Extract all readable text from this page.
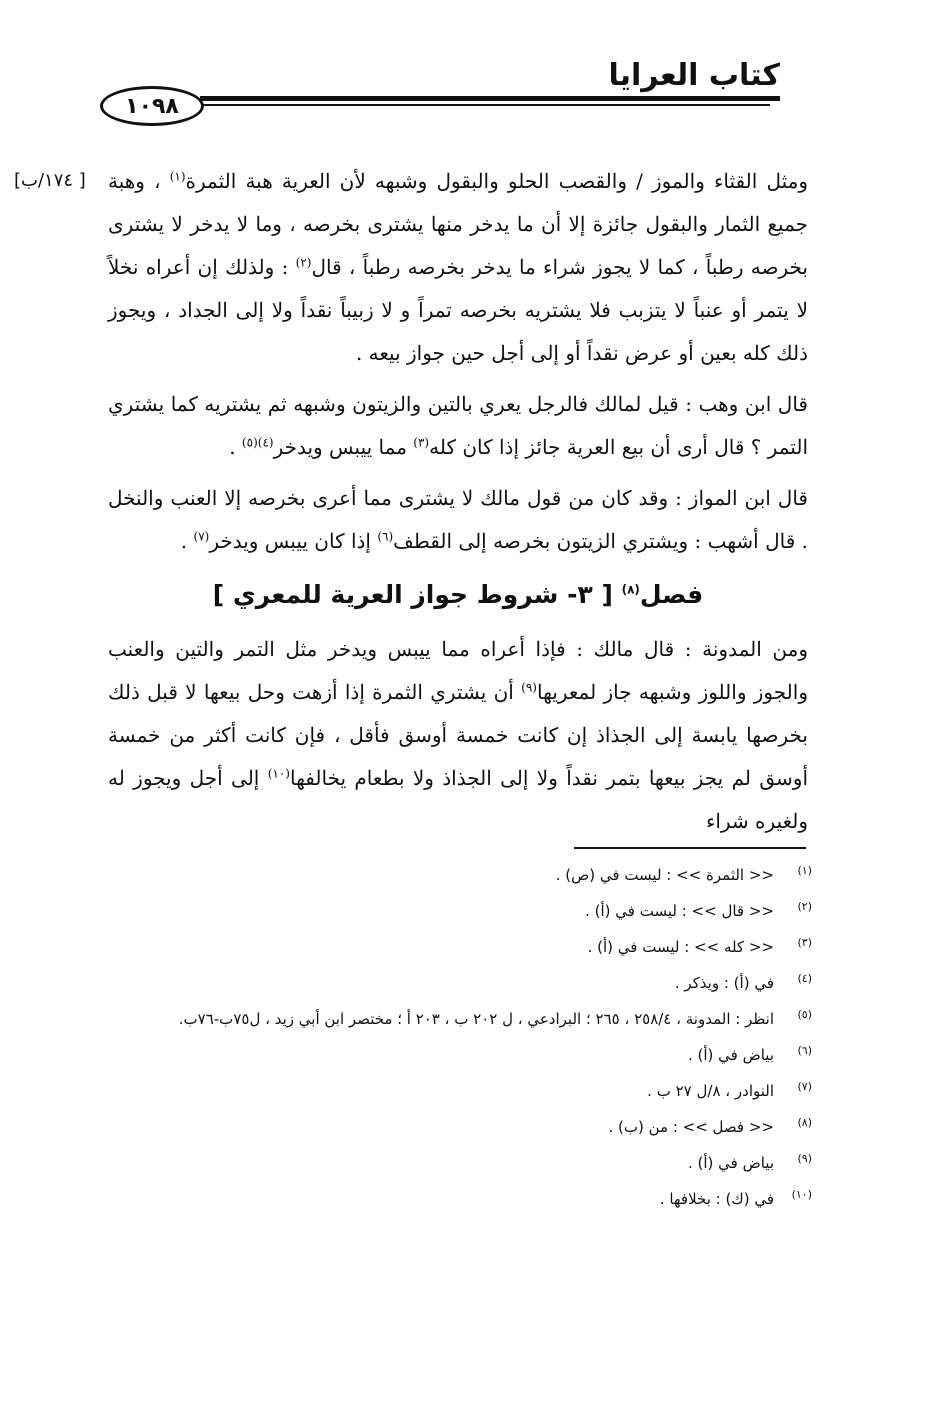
كتاب العرايا
١٠٩٨
[ ١٧٤/ب]	ومثل القثاء والموز / والقصب الحلو والبقول وشبهه لأن العرية هبة الثمرة$^{(١)}$ ، وهبة جميع الثمار والبقول جائزة إلا أن ما يدخر منها يشترى بخرصه ، وما لا يدخر لا يشترى بخرصه رطباً ، كما لا يجوز شراء ما يدخر بخرصه رطباً ، قال$^{(٢)}$ : ولذلك إن أعراه نخلاً لا يتمر أو عنباً لا يتزبب فلا يشتريه بخرصه تمراً و لا زبيباً نقداً ولا إلى الجداد ، ويجوز ذلك كله بعين أو عرض نقداً أو إلى أجل حين جواز بيعه .

قال ابن وهب : قيل لمالك فالرجل يعري بالتين والزيتون وشبهه ثم يشتريه كما يشتري التمر ؟ قال أرى أن بيع العرية جائز إذا كان كله$^{(٣)}$ مما ييبس ويدخر$^{(٤)(٥)}$ .

قال ابن المواز : وقد كان من قول مالك لا يشترى مما أعرى بخرصه إلا العنب والنخل . قال أشهب : ويشتري الزيتون بخرصه إلى القطف$^{(٦)}$ إذا كان ييبس ويدخر$^{(٧)}$ .

فصل$^{(٨)}$ [ ٣- شروط جواز العرية للمعري ]

ومن المدونة : قال مالك : فإذا أعراه مما ييبس ويدخر مثل التمر والتين والعنب والجوز واللوز وشبهه جاز لمعريها$^{(٩)}$ أن يشتري الثمرة إذا أزهت وحل بيعها لا قبل ذلك بخرصها يابسة إلى الجذاذ إن كانت خمسة أوسق فأقل ، فإن كانت أكثر من خمسة أوسق لم يجز بيعها بتمر نقداً ولا إلى الجذاذ ولا بطعام يخالفها$^{(١٠)}$ إلى أجل ويجوز له ولغيره شراء

(١)
<< الثمرة >> : ليست في (ص) .
(٢)
<< قال >> : ليست في (أ) .
(٣)
<< كله >> : ليست في (أ) .
(٤)
في (أ) : ويذكر .
(٥)
انظر : المدونة ، ٢٥٨/٤ ، ٢٦٥ ؛ البرادعي ، ل ٢٠٢ ب ، ٢٠٣ أ ؛ مختصر ابن أبي زيد ، ل٧٥ب-٧٦ب.
(٦)
بياض في (أ) .
(٧)
النوادر ، ٨/ل ٢٧ ب .
(٨)
<< فصل >> : من (ب) .
(٩)
بياض في (أ) .
(١٠)
في (ك) : بخلافها .
